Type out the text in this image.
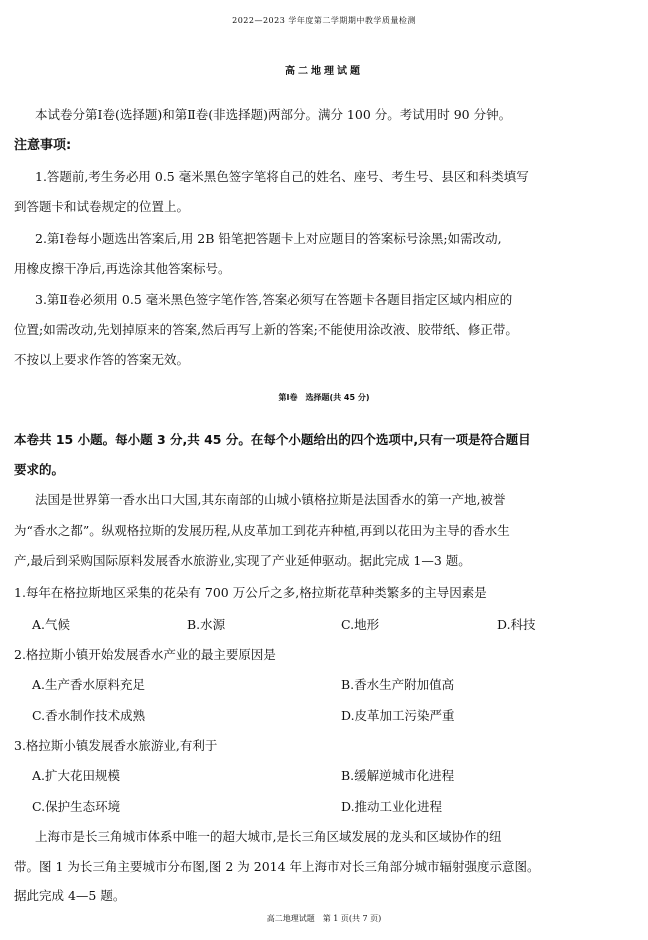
2022—2023 学年度第二学期期中教学质量检测
高二地理试题
本试卷分第Ⅰ卷(选择题)和第Ⅱ卷(非选择题)两部分。满分 100 分。考试用时 90 分钟。
注意事项:
1.答题前,考生务必用 0.5 毫米黑色签字笔将自己的姓名、座号、考生号、县区和科类填写
到答题卡和试卷规定的位置上。
2.第Ⅰ卷每小题选出答案后,用 2B 铅笔把答题卡上对应题目的答案标号涂黑;如需改动,
用橡皮擦干净后,再选涂其他答案标号。
3.第Ⅱ卷必须用 0.5 毫米黑色签字笔作答,答案必须写在答题卡各题目指定区域内相应的
位置;如需改动,先划掉原来的答案,然后再写上新的答案;不能使用涂改液、胶带纸、修正带。
不按以上要求作答的答案无效。
第Ⅰ卷　选择题(共 45 分)
本卷共 15 小题。每小题 3 分,共 45 分。在每个小题给出的四个选项中,只有一项是符合题目
要求的。
法国是世界第一香水出口大国,其东南部的山城小镇格拉斯是法国香水的第一产地,被誉
为“香水之都”。纵观格拉斯的发展历程,从皮革加工到花卉种植,再到以花田为主导的香水生
产,最后到采购国际原料发展香水旅游业,实现了产业延伸驱动。据此完成 1—3 题。
1.每年在格拉斯地区采集的花朵有 700 万公斤之多,格拉斯花草种类繁多的主导因素是
A.气候	B.水源	C.地形	D.科技
2.格拉斯小镇开始发展香水产业的最主要原因是
A.生产香水原料充足	B.香水生产附加值高
C.香水制作技术成熟	D.皮革加工污染严重
3.格拉斯小镇发展香水旅游业,有利于
A.扩大花田规模	B.缓解逆城市化进程
C.保护生态环境	D.推动工业化进程
上海市是长三角城市体系中唯一的超大城市,是长三角区域发展的龙头和区域协作的纽
带。图 1 为长三角主要城市分布图,图 2 为 2014 年上海市对长三角部分城市辐射强度示意图。
据此完成 4—5 题。
高二地理试题　第 1 页(共 7 页)
